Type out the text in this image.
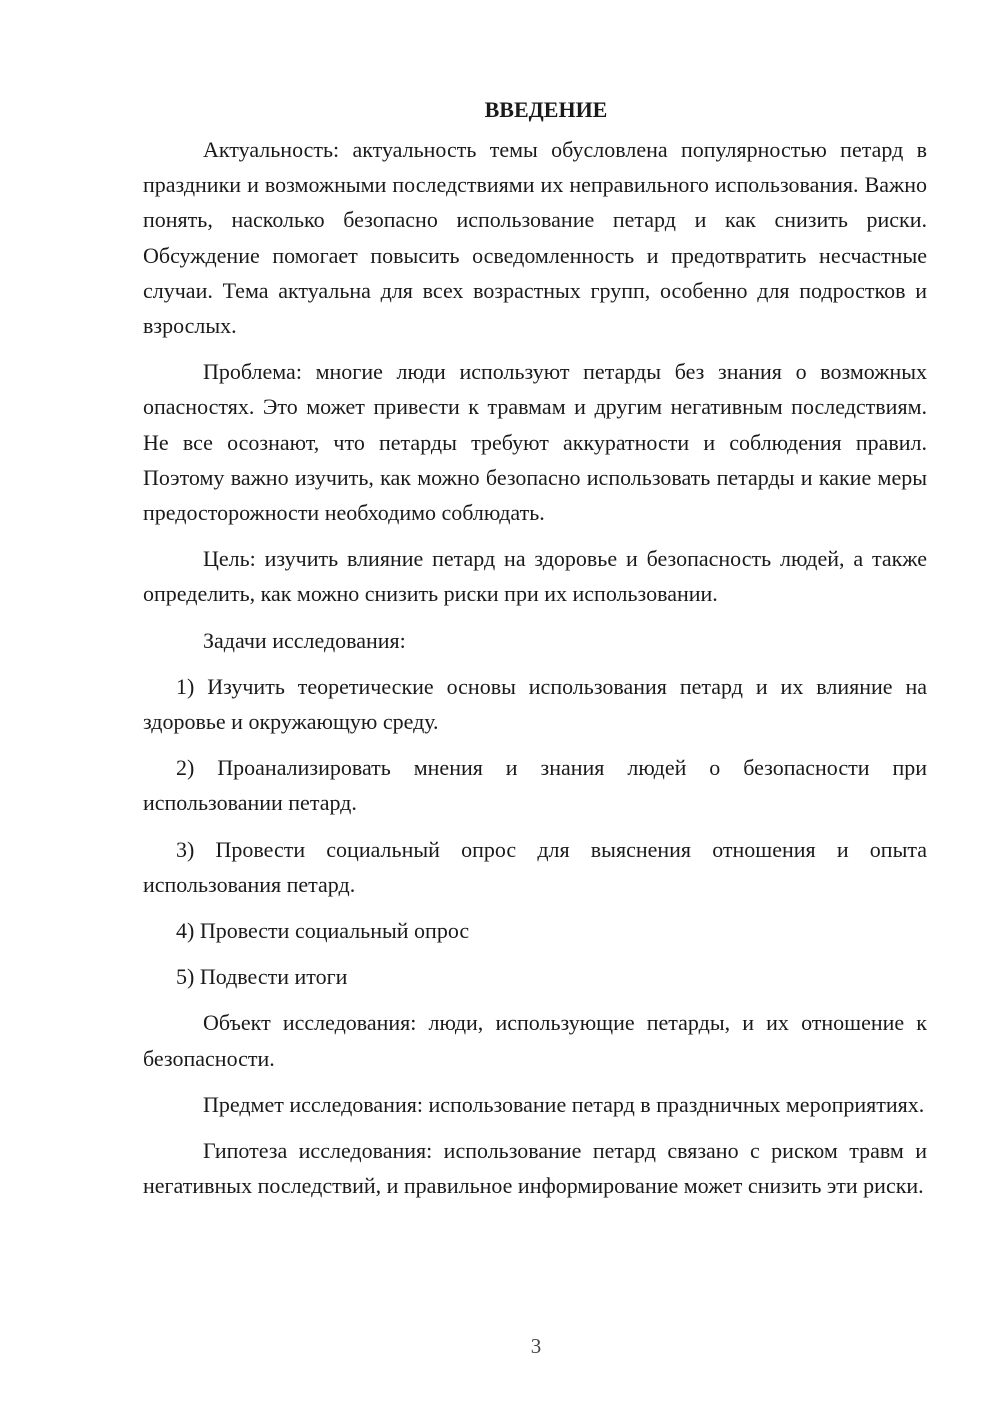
ВВЕДЕНИЕ

Актуальность: актуальность темы обусловлена популярностью петард в праздники и возможными последствиями их неправильного использования. Важно понять, насколько безопасно использование петард и как снизить риски. Обсуждение помогает повысить осведомленность и предотвратить несчастные случаи. Тема актуальна для всех возрастных групп, особенно для подростков и взрослых.

Проблема: многие люди используют петарды без знания о возможных опасностях. Это может привести к травмам и другим негативным последствиям. Не все осознают, что петарды требуют аккуратности и соблюдения правил. Поэтому важно изучить, как можно безопасно использовать петарды и какие меры предосторожности необходимо соблюдать.

Цель: изучить влияние петард на здоровье и безопасность людей, а также определить, как можно снизить риски при их использовании.

Задачи исследования:

1) Изучить теоретические основы использования петард и их влияние на здоровье и окружающую среду.

2) Проанализировать мнения и знания людей о безопасности при использовании петард.

3) Провести социальный опрос для выяснения отношения и опыта использования петард.

4) Провести социальный опрос

5) Подвести итоги

Объект исследования: люди, использующие петарды, и их отношение к безопасности.

Предмет исследования: использование петард в праздничных мероприятиях.

Гипотеза исследования: использование петард связано с риском травм и негативных последствий, и правильное информирование может снизить эти риски.

3
